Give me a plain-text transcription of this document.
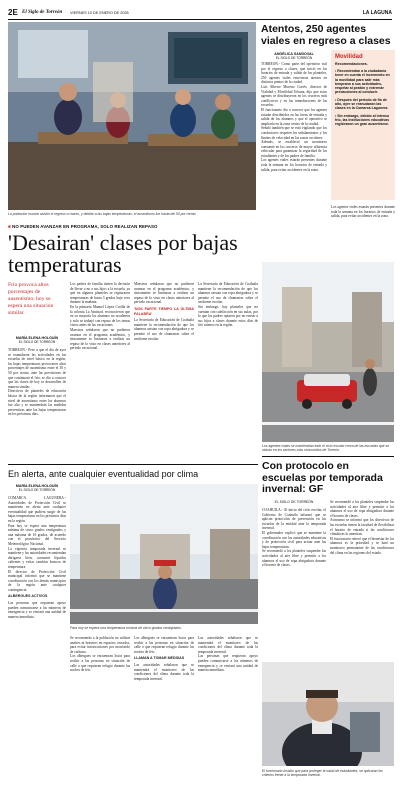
2E El Siglo de Torreón VIERNES 10 DE ENERO DE 2025	LA LAGUNA
La población escolar asistió el regreso a clases, y debido a las bajas temperaturas, el ausentismo fue hasta del 50 por ciento.
Atentos, 250 agentes viales en regreso a clases
ANGÉLICA SANDOVAL
EL SIGLO DE TORREÓN

TORREÓN.- Como parte del operativo vial por el regreso a clases, que inició en los horarios de entrada y salida de los planteles, 250 agentes viales estuvieron atentos en distintos puntos de la ciudad.

Luis Alberto Moreno Cortés, director de Vialidad y Movilidad Urbana, dijo que estos agentes se distribuyeron en los cruceros más conflictivos y en las inmediaciones de las escuelas.

El funcionario dio a conocer que los agentes estarán distribuidos en las horas de entrada y salida de los alumnos y que el operativo se ampliaría en la zona centro de la ciudad.

Señaló también que se está vigilando que los conductores respeten los señalamientos y los límites de velocidad en las zonas escolares.

Además, se estableció un monitoreo constante en los cruceros de mayor afluencia vehicular para garantizar la seguridad de los estudiantes y de los padres de familia.

Los agentes viales estarán presentes durante toda la semana en los horarios de entrada y salida, para evitar accidentes en la zona.

Movilidad
Recomendaciones.
• Recomiendan a la ciudadanía tener en cuenta el incremento en la movilidad para salir más temprano a sus actividades, respetar al peatón y extremar precauciones al conducir.
• Después del periodo de fin de año, ayer se reanudaron las clases en la Comarca Lagunera.
• Sin embargo, debido al intenso frío, las instituciones educativas registraron un gran ausentismo.

Los agentes viales estarán presentes durante toda la semana en los horarios de entrada y salida, para evitar accidentes en la zona.

■ NO PUEDEN AVANZAR EN PROGRAMA, SOLO REALIZAN REPASO
'Desairan' clases por bajas temperaturas
Frío provoca altos porcentajes de ausentismo; hoy se espera una situación similar
MARÍA ELENA HOLGUÍN
EL SIGLO DE TORREÓN

TORREÓN.- Pese a que el día de ayer se reanudaron las actividades en las escuelas de nivel básico en la región, las bajas temperaturas provocaron altos porcentajes de ausentismo entre el 30 y 50 por ciento, ante las previsiones de que continuará el frío, se dio a conocer que las clases de hoy se desarrollen de manera similar.

Directivos de planteles de educación básica de la región informaron que el nivel de ausentismo entre los alumnos fue alto y se mantendrán las medidas preventivas ante las bajas temperaturas en los próximos días.

Los padres de familia tienen la decisión de llevar o no a sus hijos a la escuela, ya que en algunos planteles se registraron temperaturas de hasta 3 grados bajo cero durante la mañana.

En la primaria Manuel López Cotilla de la colonia La Amistad, reconocieron que en su mayoría los alumnos no acudieron y solo se trabajó con repaso de los temas vistos antes de las vacaciones.

Maestros señalaron que no pudieron avanzar en el programa académico, y únicamente se limitaron a realizar un repaso de lo visto en clases anteriores al periodo vacacional.

Maestros señalaron que no pudieron avanzar en el programa académico, y únicamente se limitaron a realizar un repaso de lo visto en clases anteriores al periodo vacacional.

'NOS PARTE TIEMPO LA ÚLTIMA PALABRA'

La Secretaría de Educación de Coahuila mantiene la recomendación de que los alumnos asistan con ropa abrigadora y se permite el uso de chamarras sobre el uniforme escolar.

La Secretaría de Educación de Coahuila mantiene la recomendación de que los alumnos asistan con ropa abrigadora y se permite el uso de chamarras sobre el uniforme escolar.

Sin embargo, hay planteles que no cuentan con calefacción en sus aulas, por lo que los padres optaron por no enviar a sus hijos a clases durante estos días de frío intenso en la región.

Los agentes viales se mantendrán todo el ciclo escolar cerca de las escuelas que se ubican en los sectores más concurridos de Torreón.
Con protocolo en escuelas por temporada invernal: GF
EL SIGLO DE TORREÓN

COAHUILA.- Al inicio del ciclo escolar, el Gobierno de Coahuila informó que se aplican protocolos de prevención en las escuelas de la entidad ante la temporada invernal.

El gobernador explicó que se mantiene la coordinación con las autoridades educativas y de protección civil para actuar ante las bajas temperaturas.

Se recomendó a los planteles suspender las actividades al aire libre y permitir a los alumnos el uso de ropa abrigadora durante el horario de clases.

Se recomendó a los planteles suspender las actividades al aire libre y permitir a los alumnos el uso de ropa abrigadora durante el horario de clases.

Asimismo se informó que los directivos de las escuelas tienen la facultad de flexibilizar el horario de entrada si las condiciones climáticas lo ameritan.

El funcionario reiteró que el bienestar de los alumnos es la prioridad y se hará un monitoreo permanente de las condiciones del clima en las regiones del estado.

El funcionario insistió que para proteger la salud de estudiantes, se aplicarán los criterios frente a la temporada invernal.
En alerta, ante cualquier eventualidad por clima
MARÍA ELENA HOLGUÍN
EL SIGLO DE TORREÓN

COMARCA LAGUNERA.- Autoridades de Protección Civil se mantienen en alerta ante cualquier eventualidad que pudiera surgir de las bajas temperaturas en los próximos días en la región.

Para hoy se espera una temperatura mínima de cinco grados centígrados y una máxima de 16 grados, de acuerdo con el pronóstico del Servicio Meteorológico Nacional.

La vigencia temporada invernal se mantiene y las autoridades recomiendan abrigarse bien, consumir líquidos calientes y evitar cambios bruscos de temperatura.

El director de Protección Civil municipal informó que se mantiene coordinación con los demás municipios de la región ante cualquier contingencia.

ALBERGUES ACTIVOS

Las personas que requieran apoyo pueden comunicarse a los números de emergencia y se enviará una unidad de manera inmediata.

Para hoy se espera una temperatura mínima de cinco grados centígrados.

Se recomienda a la población no utilizar anafres ni braseros en espacios cerrados, para evitar intoxicaciones por monóxido de carbono.

Los albergues se encuentran listos para recibir a las personas en situación de calle o que requieran refugio durante las noches de frío.

Los albergues se encuentran listos para recibir a las personas en situación de calle o que requieran refugio durante las noches de frío.

LLAMAN A TOMAR MEDIDAS

Las autoridades señalaron que se mantendrá el monitoreo de las condiciones del clima durante toda la temporada invernal.

Las autoridades señalaron que se mantendrá el monitoreo de las condiciones del clima durante toda la temporada invernal.

Las personas que requieran apoyo pueden comunicarse a los números de emergencia y se enviará una unidad de manera inmediata.
